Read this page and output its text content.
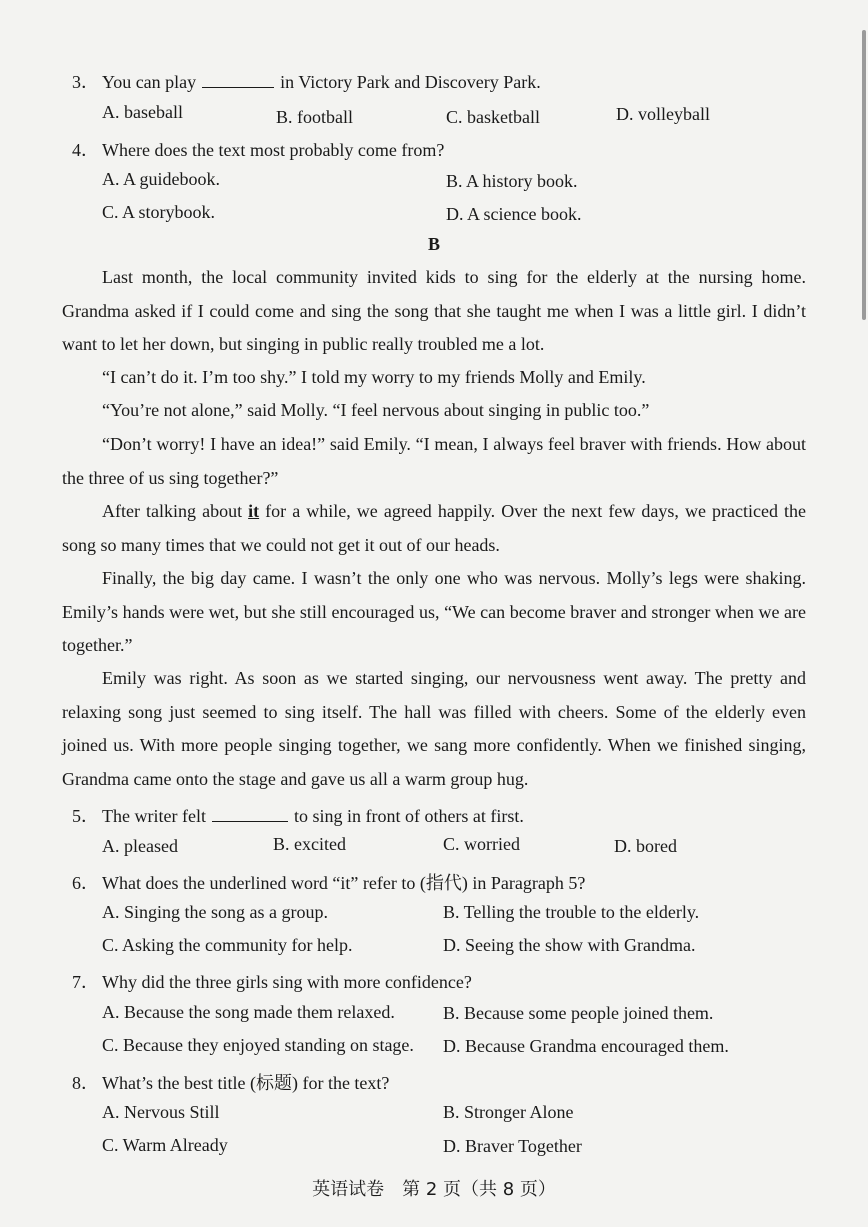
3． You can play	in Victory Park and Discovery Park.
A. baseball	B. football	C. basketball	D. volleyball
4． Where does the text most probably come from?
A. A guidebook.	B. A history book.
C. A storybook.	D. A science book.
B
Last month, the local community invited kids to sing for the elderly at the nursing home. Grandma asked if I could come and sing the song that she taught me when I was a little girl. I didn’t want to let her down, but singing in public really troubled me a lot.
“I can’t do it. I’m too shy.” I told my worry to my friends Molly and Emily.
“You’re not alone,” said Molly. “I feel nervous about singing in public too.”
“Don’t worry! I have an idea!” said Emily. “I mean, I always feel braver with friends. How about the three of us sing together?”
After talking about it for a while, we agreed happily. Over the next few days, we practiced the song so many times that we could not get it out of our heads.
Finally, the big day came. I wasn’t the only one who was nervous. Molly’s legs were shaking. Emily’s hands were wet, but she still encouraged us, “We can become braver and stronger when we are together.”
Emily was right. As soon as we started singing, our nervousness went away. The pretty and relaxing song just seemed to sing itself. The hall was filled with cheers. Some of the elderly even joined us. With more people singing together, we sang more confidently. When we finished singing, Grandma came onto the stage and gave us all a warm group hug.
5． The writer felt	to sing in front of others at first.
A. pleased	B. excited	C. worried	D. bored
6． What does the underlined word “it” refer to (指代) in Paragraph 5?
A. Singing the song as a group.	B. Telling the trouble to the elderly.
C. Asking the community for help.	D. Seeing the show with Grandma.
7． Why did the three girls sing with more confidence?
A. Because the song made them relaxed.	B. Because some people joined them.
C. Because they enjoyed standing on stage. D. Because Grandma encouraged them.
8． What’s the best title (标题) for the text?
A. Nervous Still	B. Stronger Alone
C. Warm Already	D. Braver Together
英语试卷　第 2 页（共 8 页）
